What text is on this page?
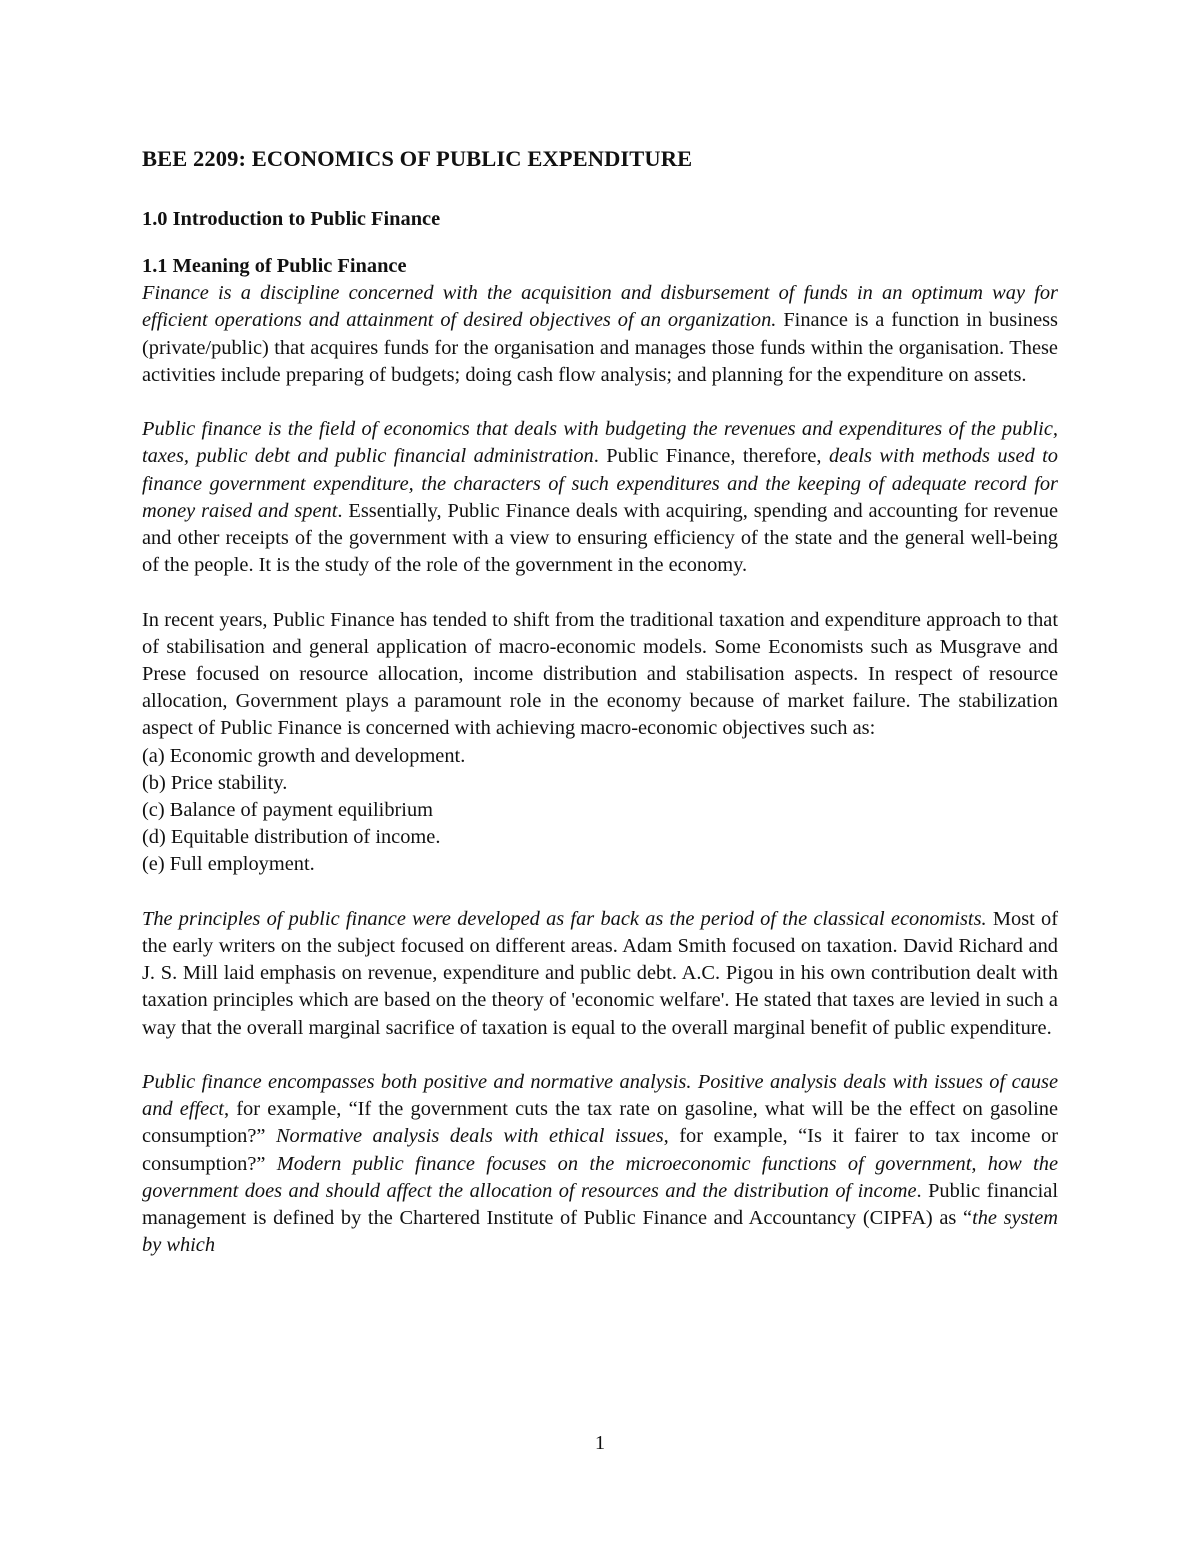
BEE 2209: ECONOMICS OF PUBLIC EXPENDITURE
1.0 Introduction to Public Finance
1.1 Meaning of Public Finance

Finance is a discipline concerned with the acquisition and disbursement of funds in an optimum way for efficient operations and attainment of desired objectives of an organization. Finance is a function in business (private/public) that acquires funds for the organisation and manages those funds within the organisation. These activities include preparing of budgets; doing cash flow analysis; and planning for the expenditure on assets.

Public finance is the field of economics that deals with budgeting the revenues and expenditures of the public, taxes, public debt and public financial administration. Public Finance, therefore, deals with methods used to finance government expenditure, the characters of such expenditures and the keeping of adequate record for money raised and spent. Essentially, Public Finance deals with acquiring, spending and accounting for revenue and other receipts of the government with a view to ensuring efficiency of the state and the general well-being of the people. It is the study of the role of the government in the economy.

In recent years, Public Finance has tended to shift from the traditional taxation and expenditure approach to that of stabilisation and general application of macro-economic models. Some Economists such as Musgrave and Prese focused on resource allocation, income distribution and stabilisation aspects. In respect of resource allocation, Government plays a paramount role in the economy because of market failure. The stabilization aspect of Public Finance is concerned with achieving macro-economic objectives such as:

(a) Economic growth and development.
(b) Price stability.
(c) Balance of payment equilibrium
(d) Equitable distribution of income.
(e) Full employment.

The principles of public finance were developed as far back as the period of the classical economists. Most of the early writers on the subject focused on different areas. Adam Smith focused on taxation. David Richard and J. S. Mill laid emphasis on revenue, expenditure and public debt. A.C. Pigou in his own contribution dealt with taxation principles which are based on the theory of 'economic welfare'. He stated that taxes are levied in such a way that the overall marginal sacrifice of taxation is equal to the overall marginal benefit of public expenditure.

Public finance encompasses both positive and normative analysis. Positive analysis deals with issues of cause and effect, for example, “If the government cuts the tax rate on gasoline, what will be the effect on gasoline consumption?” Normative analysis deals with ethical issues, for example, “Is it fairer to tax income or consumption?” Modern public finance focuses on the microeconomic functions of government, how the government does and should affect the allocation of resources and the distribution of income. Public financial management is defined by the Chartered Institute of Public Finance and Accountancy (CIPFA) as “the system by which

1
